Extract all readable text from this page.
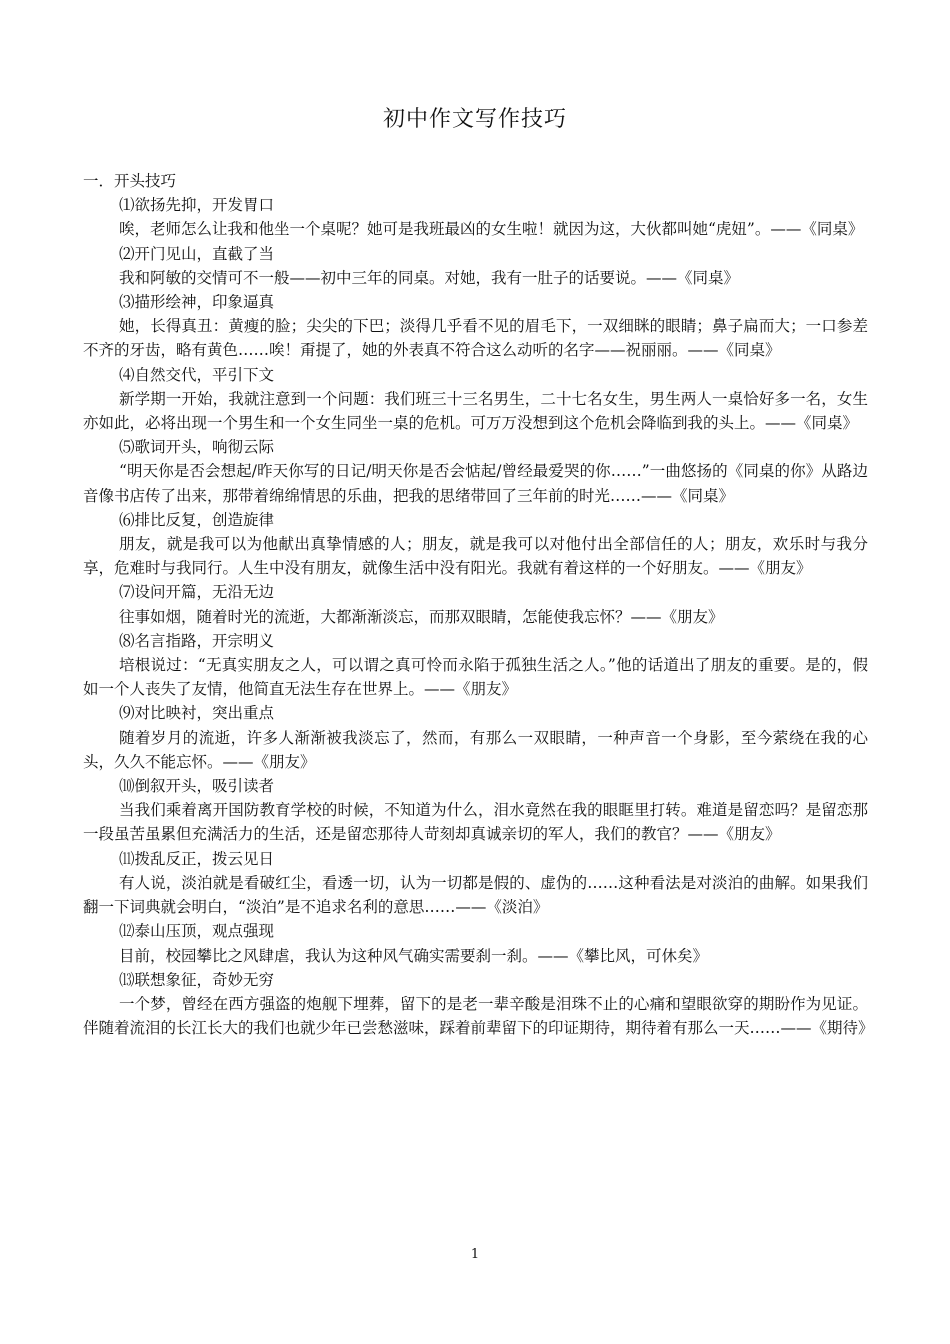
初中作文写作技巧

一．开头技巧

⑴欲扬先抑，开发胃口

唉，老师怎么让我和他坐一个桌呢？她可是我班最凶的女生啦！就因为这，大伙都叫她“虎妞”。——《同桌》

⑵开门见山，直截了当

我和阿敏的交情可不一般——初中三年的同桌。对她，我有一肚子的话要说。——《同桌》

⑶描形绘神，印象逼真

她，长得真丑：黄瘦的脸；尖尖的下巴；淡得几乎看不见的眉毛下，一双细眯的眼睛；鼻子扁而大；一口参差不齐的牙齿，略有黄色……唉！甭提了，她的外表真不符合这么动听的名字——祝丽丽。——《同桌》

⑷自然交代，平引下文

新学期一开始，我就注意到一个问题：我们班三十三名男生，二十七名女生，男生两人一桌恰好多一名，女生亦如此，必将出现一个男生和一个女生同坐一桌的危机。可万万没想到这个危机会降临到我的头上。——《同桌》

⑸歌词开头，响彻云际

“明天你是否会想起/昨天你写的日记/明天你是否会惦起/曾经最爱哭的你……”一曲悠扬的《同桌的你》从路边音像书店传了出来，那带着绵绵情思的乐曲，把我的思绪带回了三年前的时光……——《同桌》

⑹排比反复，创造旋律

朋友，就是我可以为他献出真挚情感的人；朋友，就是我可以对他付出全部信任的人；朋友，欢乐时与我分享，危难时与我同行。人生中没有朋友，就像生活中没有阳光。我就有着这样的一个好朋友。——《朋友》

⑺设问开篇，无沿无边

往事如烟，随着时光的流逝，大都渐渐淡忘，而那双眼睛，怎能使我忘怀？——《朋友》

⑻名言指路，开宗明义

培根说过：“无真实朋友之人，可以谓之真可怜而永陷于孤独生活之人。”他的话道出了朋友的重要。是的，假如一个人丧失了友情，他简直无法生存在世界上。——《朋友》

⑼对比映衬，突出重点

随着岁月的流逝，许多人渐渐被我淡忘了，然而，有那么一双眼睛，一种声音一个身影，至今萦绕在我的心头，久久不能忘怀。——《朋友》

⑽倒叙开头，吸引读者

当我们乘着离开国防教育学校的时候，不知道为什么，泪水竟然在我的眼眶里打转。难道是留恋吗？是留恋那一段虽苦虽累但充满活力的生活，还是留恋那待人苛刻却真诚亲切的军人，我们的教官？——《朋友》

⑾拨乱反正，拨云见日

有人说，淡泊就是看破红尘，看透一切，认为一切都是假的、虚伪的……这种看法是对淡泊的曲解。如果我们翻一下词典就会明白，“淡泊”是不追求名利的意思……——《淡泊》

⑿泰山压顶，观点强现

目前，校园攀比之风肆虐，我认为这种风气确实需要刹一刹。——《攀比风，可休矣》

⒀联想象征，奇妙无穷

一个梦，曾经在西方强盗的炮舰下埋葬，留下的是老一辈辛酸是泪珠不止的心痛和望眼欲穿的期盼作为见证。伴随着流泪的长江长大的我们也就少年已尝愁滋味，踩着前辈留下的印证期待，期待着有那么一天……——《期待》

1
